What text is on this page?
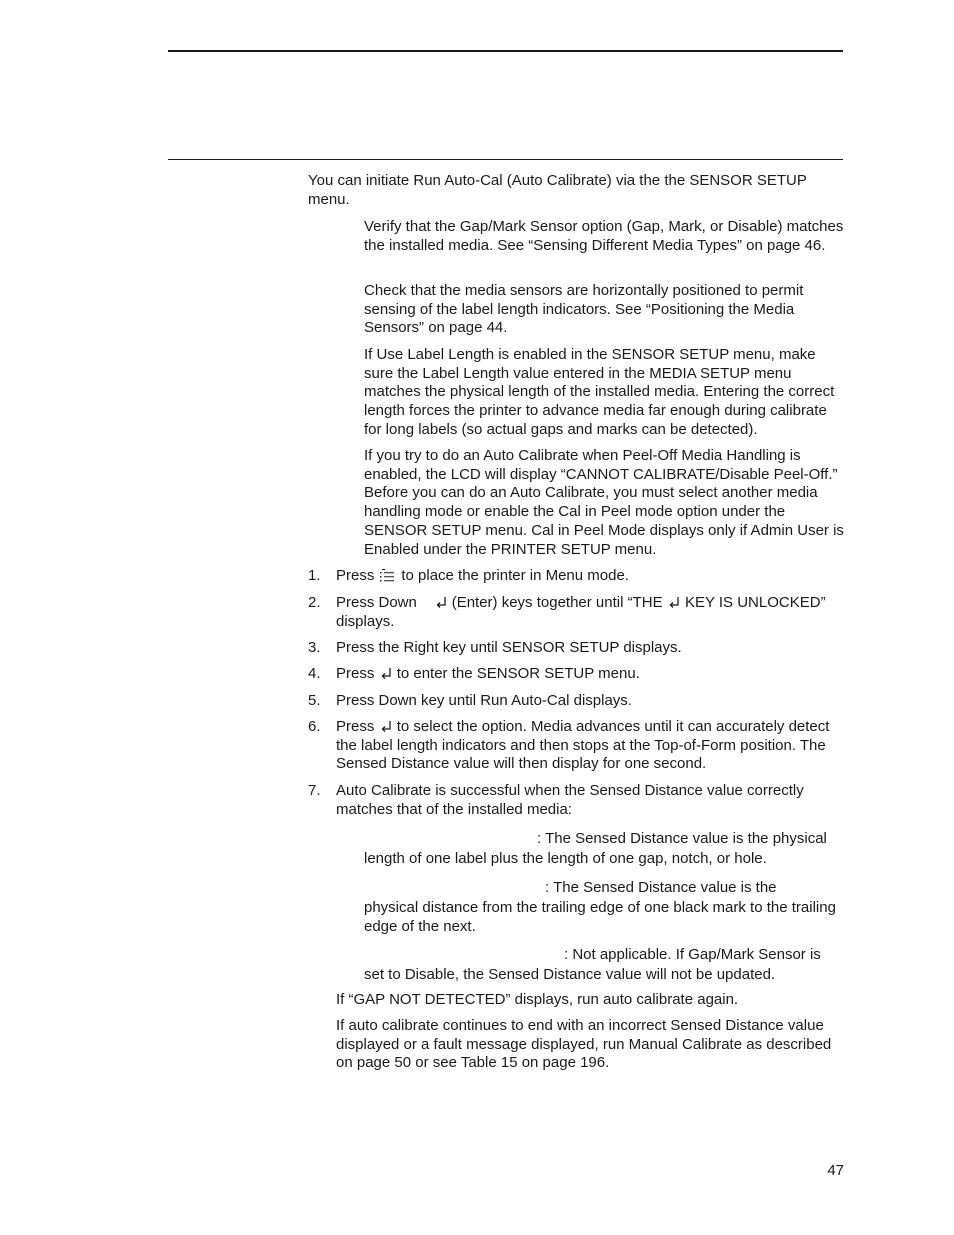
You can initiate Run Auto-Cal (Auto Calibrate) via the the SENSOR SETUP menu.

Verify that the Gap/Mark Sensor option (Gap, Mark, or Disable) matches the installed media. See “Sensing Different Media Types” on page 46.

Check that the media sensors are horizontally positioned to permit sensing of the label length indicators. See “Positioning the Media Sensors” on page 44.

If Use Label Length is enabled in the SENSOR SETUP menu, make sure the Label Length value entered in the MEDIA SETUP menu matches the physical length of the installed media. Entering the correct length forces the printer to advance media far enough during calibrate for long labels (so actual gaps and marks can be detected).

If you try to do an Auto Calibrate when Peel-Off Media Handling is enabled, the LCD will display “CANNOT CALIBRATE/Disable Peel-Off.” Before you can do an Auto Calibrate, you must select another media handling mode or enable the Cal in Peel mode option under the SENSOR SETUP menu. Cal in Peel Mode displays only if Admin User is Enabled under the PRINTER SETUP menu.

1. Press to place the printer in Menu mode.

2. Press Down (Enter) keys together until “THE KEY IS UNLOCKED”
displays.

3. Press the Right key until SENSOR SETUP displays.

4. Press to enter the SENSOR SETUP menu.

5. Press Down key until Run Auto-Cal displays.

6. Press to select the option. Media advances until it can accurately detect the label length indicators and then stops at the Top-of-Form position. The Sensed Distance value will then display for one second.

7. Auto Calibrate is successful when the Sensed Distance value correctly matches that of the installed media:

: The Sensed Distance value is the physical
length of one label plus the length of one gap, notch, or hole.

: The Sensed Distance value is the
physical distance from the trailing edge of one black mark to the trailing edge of the next.

: Not applicable. If Gap/Mark Sensor is
set to Disable, the Sensed Distance value will not be updated.

If “GAP NOT DETECTED” displays, run auto calibrate again.

If auto calibrate continues to end with an incorrect Sensed Distance value displayed or a fault message displayed, run Manual Calibrate as described on page 50 or see Table 15 on page 196.

47
